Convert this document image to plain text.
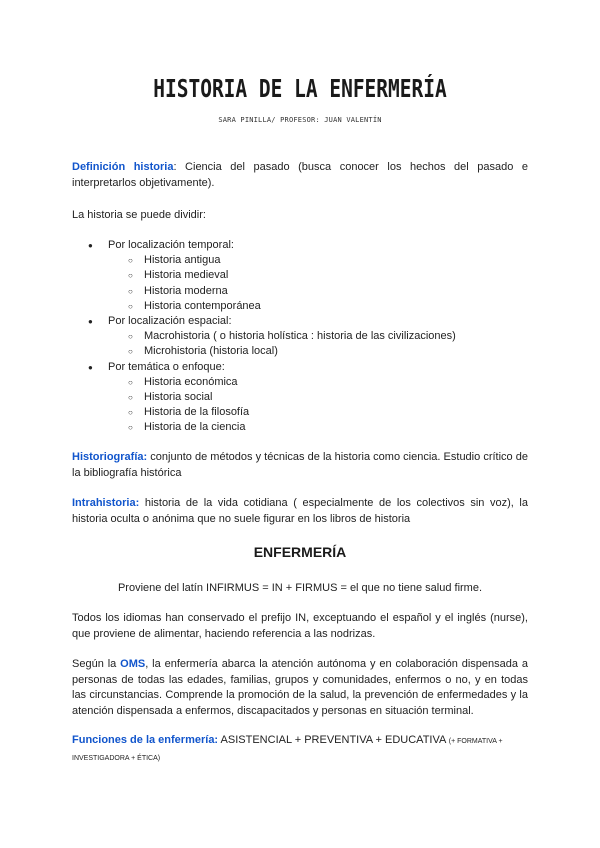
HISTORIA DE LA ENFERMERÍA
SARA PINILLA/ PROFESOR: JUAN VALENTÍN
Definición historia: Ciencia del pasado (busca conocer los hechos del pasado e interpretarlos objetivamente).
La historia se puede dividir:
● Por localización temporal:
○ Historia antigua
○ Historia medieval
○ Historia moderna
○ Historia contemporánea
● Por localización espacial:
○ Macrohistoria ( o historia holística : historia de las civilizaciones)
○ Microhistoria (historia local)
● Por temática o enfoque:
○ Historia económica
○ Historia social
○ Historia de la filosofía
○ Historia de la ciencia
Historiografía: conjunto de métodos y técnicas de la historia como ciencia. Estudio crítico de la bibliografía histórica
Intrahistoria: historia de la vida cotidiana ( especialmente de los colectivos sin voz), la historia oculta o anónima que no suele figurar en los libros de historia
ENFERMERÍA
Proviene del latín INFIRMUS = IN + FIRMUS = el que no tiene salud firme.
Todos los idiomas han conservado el prefijo IN, exceptuando el español y el inglés (nurse), que proviene de alimentar, haciendo referencia a las nodrizas.
Según la OMS, la enfermería abarca la atención autónoma y en colaboración dispensada a personas de todas las edades, familias, grupos y comunidades, enfermos o no, y en todas las circunstancias. Comprende la promoción de la salud, la prevención de enfermedades y la atención dispensada a enfermos, discapacitados y personas en situación terminal.
Funciones de la enfermería: ASISTENCIAL + PREVENTIVA + EDUCATIVA (+ FORMATIVA + INVESTIGADORA + ÉTICA)
